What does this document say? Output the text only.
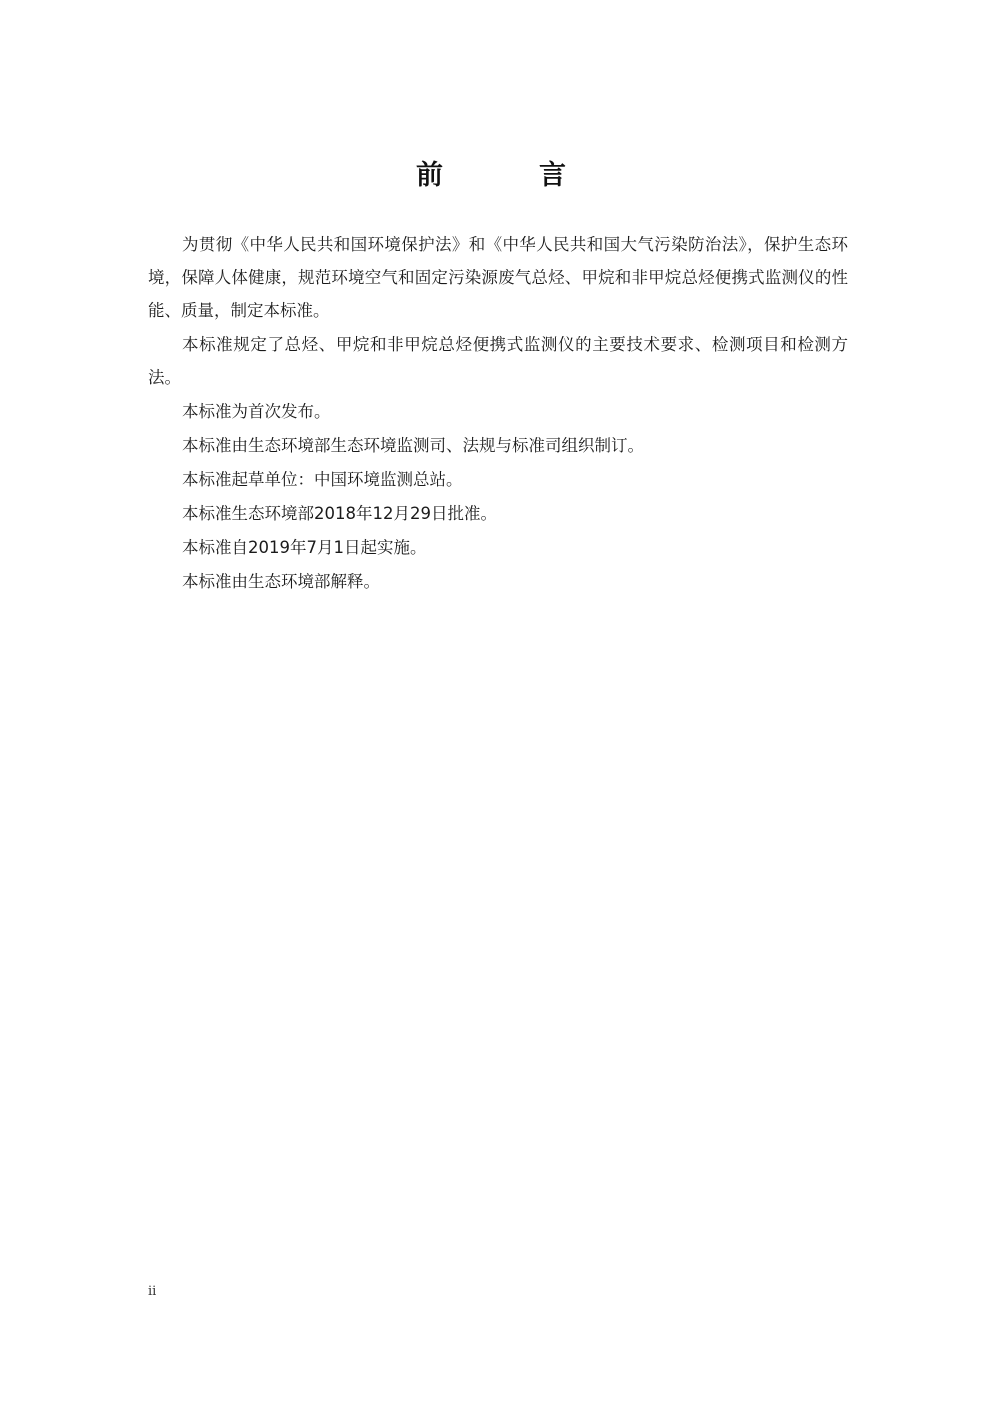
前　　言

为贯彻《中华人民共和国环境保护法》和《中华人民共和国大气污染防治法》，保护生态环境，保障人体健康，规范环境空气和固定污染源废气总烃、甲烷和非甲烷总烃便携式监测仪的性能、质量，制定本标准。

本标准规定了总烃、甲烷和非甲烷总烃便携式监测仪的主要技术要求、检测项目和检测方法。

本标准为首次发布。

本标准由生态环境部生态环境监测司、法规与标准司组织制订。

本标准起草单位：中国环境监测总站。

本标准生态环境部2018年12月29日批准。

本标准自2019年7月1日起实施。

本标准由生态环境部解释。

ii
